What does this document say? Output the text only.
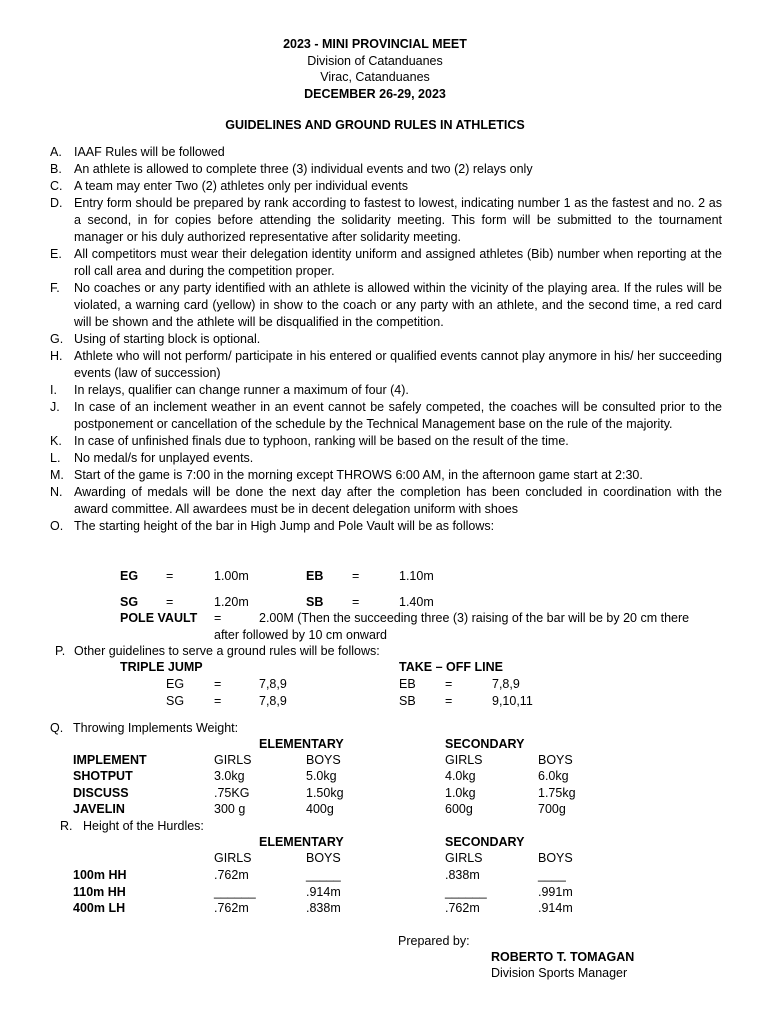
2023 - MINI PROVINCIAL MEET
Division of Catanduanes
Virac, Catanduanes
DECEMBER 26-29, 2023
GUIDELINES AND GROUND RULES IN ATHLETICS
A. IAAF Rules will be followed
B. An athlete is allowed to complete three (3) individual events and two (2) relays only
C. A team may enter Two (2) athletes only per individual events
D. Entry form should be prepared by rank according to fastest to lowest, indicating number 1 as the fastest and no. 2 as a second, in for copies before attending the solidarity meeting. This form will be submitted to the tournament manager or his duly authorized representative after solidarity meeting.
E. All competitors must wear their delegation identity uniform and assigned athletes (Bib) number when reporting at the roll call area and during the competition proper.
F. No coaches or any party identified with an athlete is allowed within the vicinity of the playing area. If the rules will be violated, a warning card (yellow) in show to the coach or any party with an athlete, and the second time, a red card will be shown and the athlete will be disqualified in the competition.
G. Using of starting block is optional.
H. Athlete who will not perform/ participate in his entered or qualified events cannot play anymore in his/ her succeeding events (law of succession)
I. In relays, qualifier can change runner a maximum of four (4).
J. In case of an inclement weather in an event cannot be safely competed, the coaches will be consulted prior to the postponement or cancellation of the schedule by the Technical Management base on the rule of the majority.
K. In case of unfinished finals due to typhoon, ranking will be based on the result of the time.
L. No medal/s for unplayed events.
M. Start of the game is 7:00 in the morning except THROWS 6:00 AM, in the afternoon game start at 2:30.
N. Awarding of medals will be done the next day after the completion has been concluded in coordination with the award committee. All awardees must be in decent delegation uniform with shoes
O. The starting height of the bar in High Jump and Pole Vault will be as follows:
EG =	1.00m	EB =	1.10m
SG =	1.20m	SB =	1.40m
POLE VAULT =	2.00M (Then the succeeding three (3) raising of the bar will be by 20 cm there
after followed by 10 cm onward
P. Other guidelines to serve a ground rules will be follows:
TRIPLE JUMP	TAKE – OFF LINE
EG =	7,8,9	EB =	7,8,9
SG =	7,8,9	SB =	9,10,11
Q. Throwing Implements Weight:
ELEMENTARY	SECONDARY
IMPLEMENT	GIRLS	BOYS	GIRLS	BOYS
SHOTPUT	3.0kg	5.0kg	4.0kg	6.0kg
DISCUSS	.75KG	1.50kg	1.0kg	1.75kg
JAVELIN	300 g	400g	600g	700g
R. Height of the Hurdles:
ELEMENTARY	SECONDARY
GIRLS	BOYS	GIRLS	BOYS
100m HH	.762m	_____	.838m	____
110m HH	______	.914m	______	.991m
400m LH	.762m	.838m	.762m	.914m
Prepared by:
ROBERTO T. TOMAGAN
Division Sports Manager
